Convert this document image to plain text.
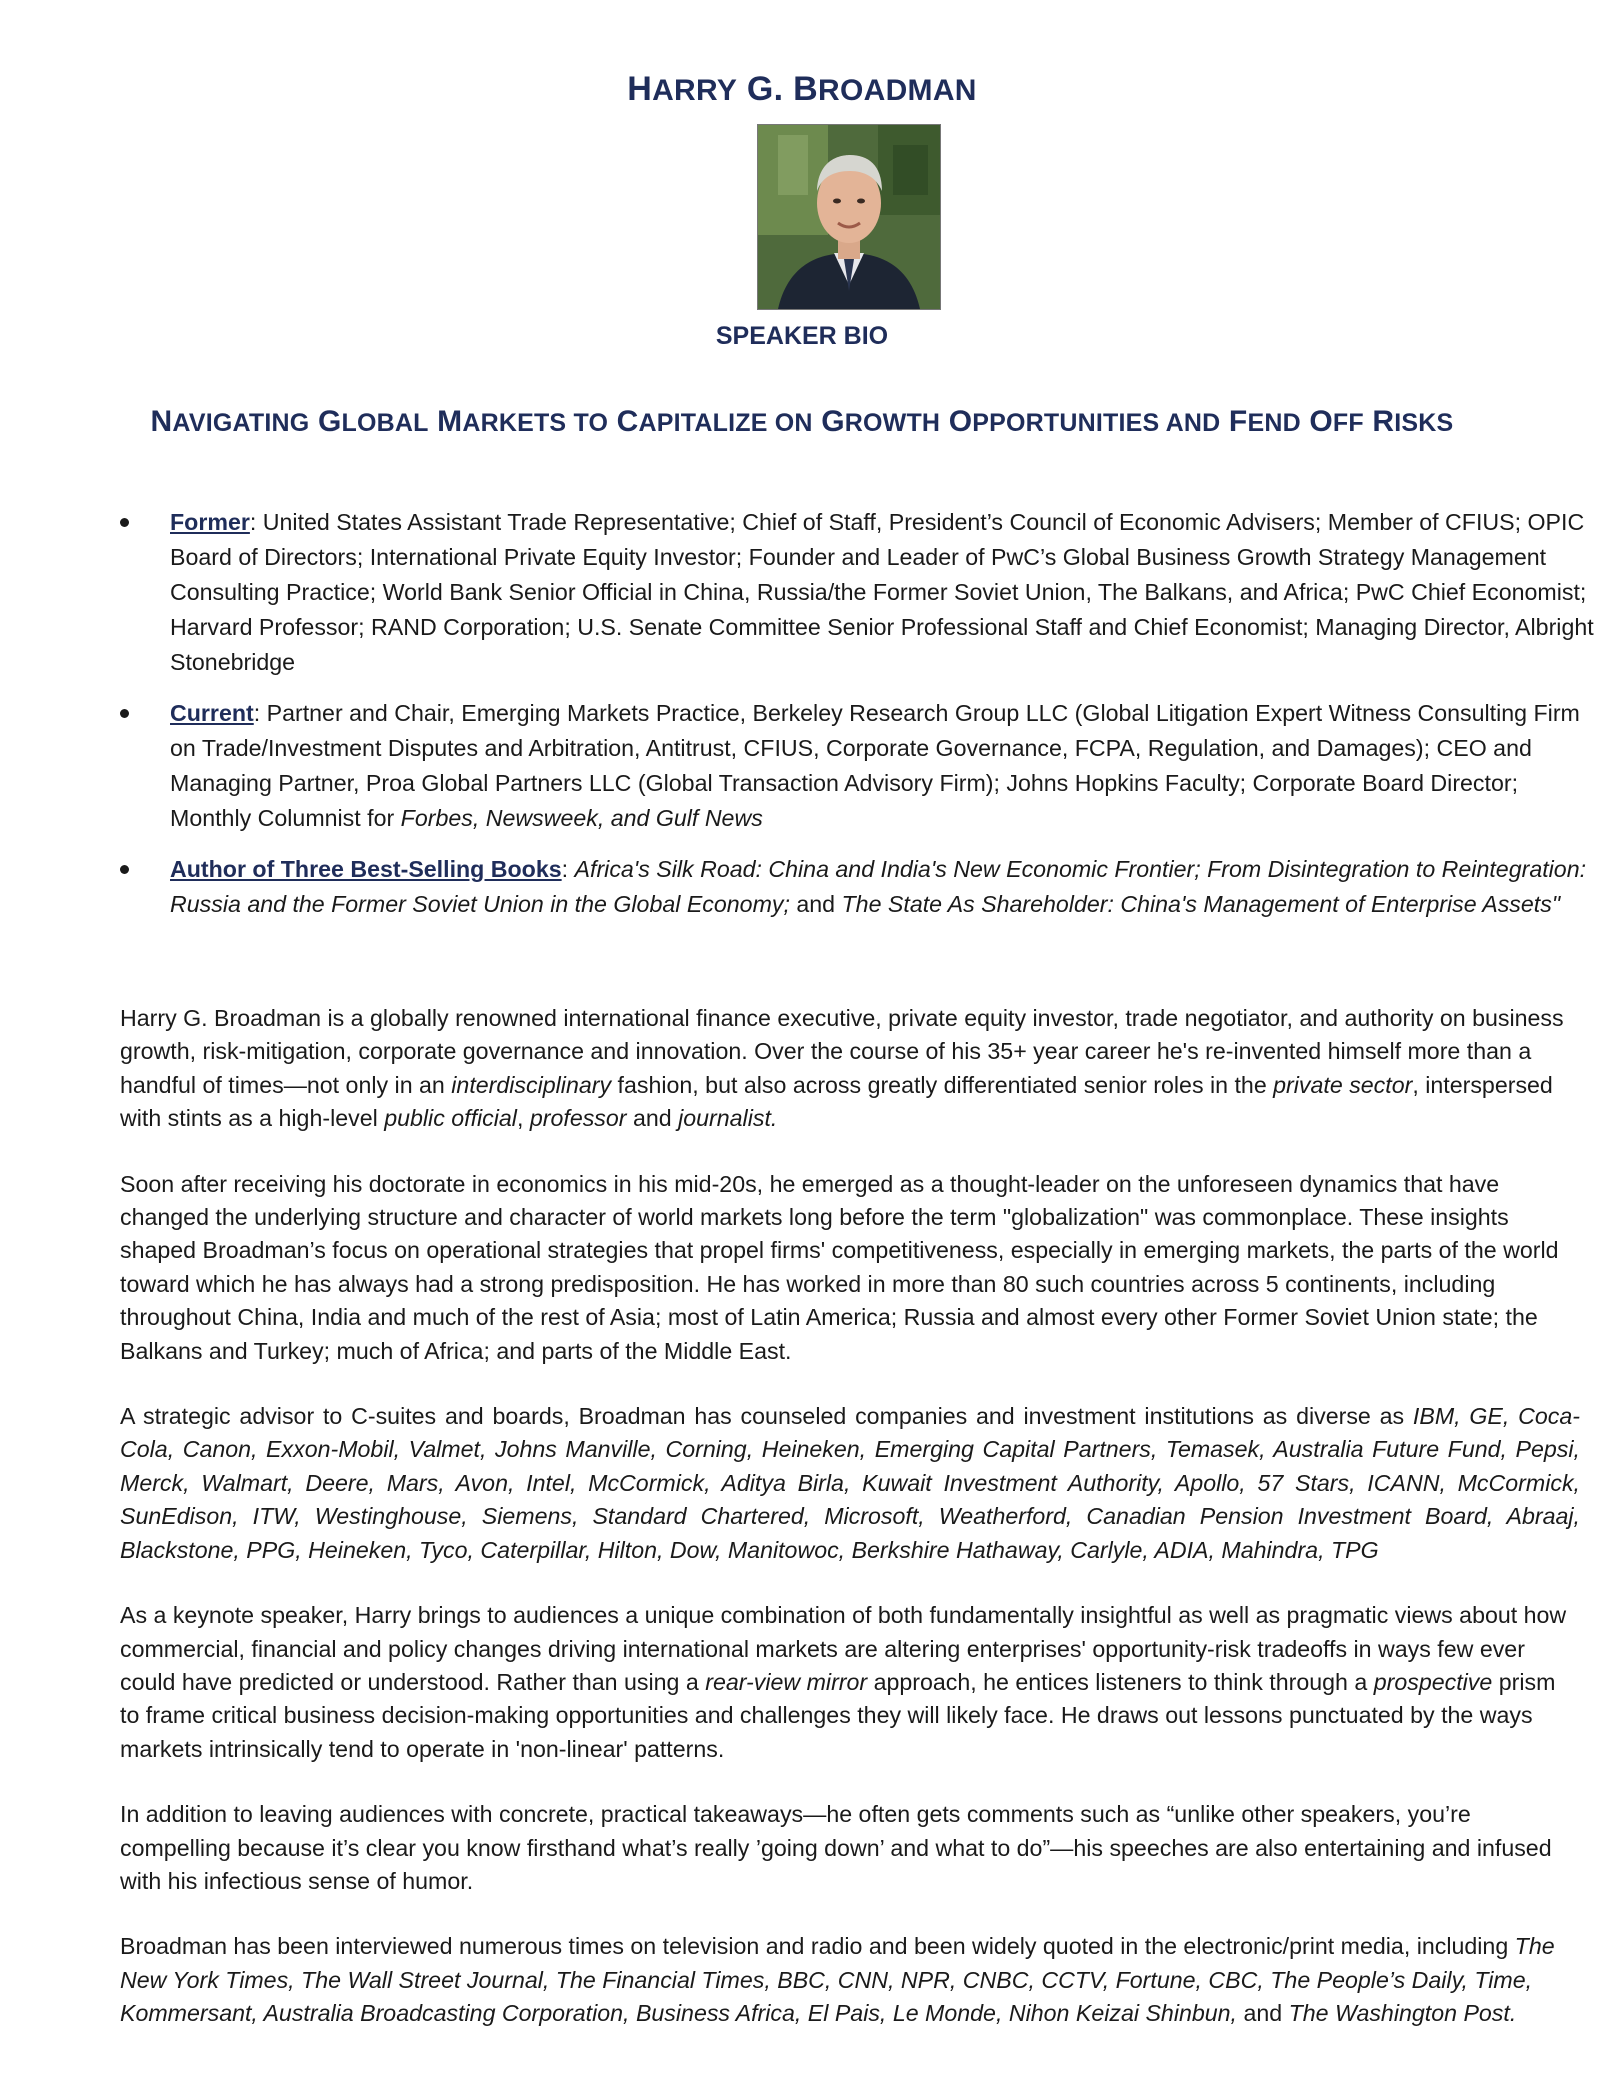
HARRY G. BROADMAN
SPEAKER BIO
NAVIGATING GLOBAL MARKETS TO CAPITALIZE ON GROWTH OPPORTUNITIES AND FEND OFF RISKS
Former: United States Assistant Trade Representative; Chief of Staff, President’s Council of Economic Advisers; Member of CFIUS; OPIC Board of Directors; International Private Equity Investor; Founder and Leader of PwC’s Global Business Growth Strategy Management Consulting Practice; World Bank Senior Official in China, Russia/the Former Soviet Union, The Balkans, and Africa; PwC Chief Economist; Harvard Professor; RAND Corporation; U.S. Senate Committee Senior Professional Staff and Chief Economist; Managing Director, Albright Stonebridge
Current: Partner and Chair, Emerging Markets Practice, Berkeley Research Group LLC (Global Litigation Expert Witness Consulting Firm on Trade/Investment Disputes and Arbitration, Antitrust, CFIUS, Corporate Governance, FCPA, Regulation, and Damages); CEO and Managing Partner, Proa Global Partners LLC (Global Transaction Advisory Firm); Johns Hopkins Faculty; Corporate Board Director; Monthly Columnist for Forbes, Newsweek, and Gulf News
Author of Three Best-Selling Books: Africa's Silk Road: China and India's New Economic Frontier; From Disintegration to Reintegration: Russia and the Former Soviet Union in the Global Economy; and The State As Shareholder: China's Management of Enterprise Assets"

Harry G. Broadman is a globally renowned international finance executive, private equity investor, trade negotiator, and authority on business growth, risk-mitigation, corporate governance and innovation. Over the course of his 35+ year career he's re-invented himself more than a handful of times—not only in an interdisciplinary fashion, but also across greatly differentiated senior roles in the private sector, interspersed with stints as a high-level public official, professor and journalist.

Soon after receiving his doctorate in economics in his mid-20s, he emerged as a thought-leader on the unforeseen dynamics that have changed the underlying structure and character of world markets long before the term "globalization" was commonplace. These insights shaped Broadman’s focus on operational strategies that propel firms' competitiveness, especially in emerging markets, the parts of the world toward which he has always had a strong predisposition. He has worked in more than 80 such countries across 5 continents, including throughout China, India and much of the rest of Asia; most of Latin America; Russia and almost every other Former Soviet Union state; the Balkans and Turkey; much of Africa; and parts of the Middle East.

A strategic advisor to C-suites and boards, Broadman has counseled companies and investment institutions as diverse as IBM, GE, Coca-Cola, Canon, Exxon-Mobil, Valmet, Johns Manville, Corning, Heineken, Emerging Capital Partners, Temasek, Australia Future Fund, Pepsi, Merck, Walmart, Deere, Mars, Avon, Intel, McCormick, Aditya Birla, Kuwait Investment Authority, Apollo, 57 Stars, ICANN, McCormick, SunEdison, ITW, Westinghouse, Siemens, Standard Chartered, Microsoft, Weatherford, Canadian Pension Investment Board, Abraaj, Blackstone, PPG, Heineken, Tyco, Caterpillar, Hilton, Dow, Manitowoc, Berkshire Hathaway, Carlyle, ADIA, Mahindra, TPG

As a keynote speaker, Harry brings to audiences a unique combination of both fundamentally insightful as well as pragmatic views about how commercial, financial and policy changes driving international markets are altering enterprises' opportunity-risk tradeoffs in ways few ever could have predicted or understood. Rather than using a rear-view mirror approach, he entices listeners to think through a prospective prism to frame critical business decision-making opportunities and challenges they will likely face. He draws out lessons punctuated by the ways markets intrinsically tend to operate in 'non-linear' patterns.

In addition to leaving audiences with concrete, practical takeaways—he often gets comments such as “unlike other speakers, you’re compelling because it’s clear you know firsthand what’s really ’going down’ and what to do”—his speeches are also entertaining and infused with his infectious sense of humor.

Broadman has been interviewed numerous times on television and radio and been widely quoted in the electronic/print media, including The New York Times, The Wall Street Journal, The Financial Times, BBC, CNN, NPR, CNBC, CCTV, Fortune, CBC, The People’s Daily, Time, Kommersant, Australia Broadcasting Corporation, Business Africa, El Pais, Le Monde, Nihon Keizai Shinbun, and The Washington Post.
